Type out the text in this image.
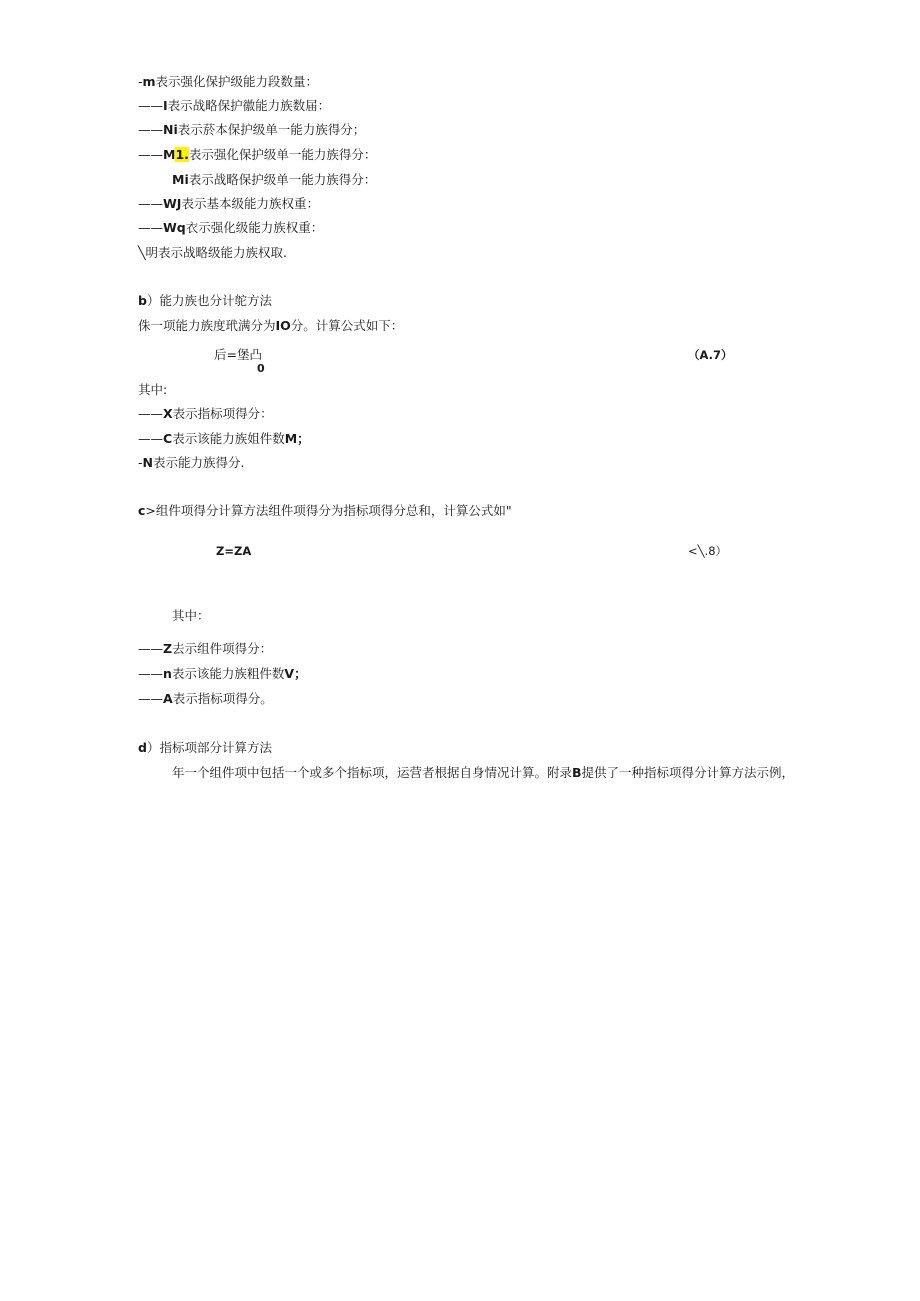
-m表示强化保护级能力段数量：
——I表示战略保护徽能力族数届：
——Ni表示菸本保护级单一能力族得分；
——M1.表示强化保护级单一能力族得分：
Mi表示战略保护级单一能力族得分：
——WJ表示基本级能力族权重：
——Wq衣示强化级能力族权重：
╲明表示战略级能力族权取.
b）能力族也分计鸵方法
侏一项能力族度玳满分为IO分。计算公式如下：
后=堡凸
0
（A.7）
其中:
——X表示指标项得分：
——C表示该能力族姐件数M；
-N表示能力族得分.
c>组件项得分计算方法组件项得分为指标项得分总和，计算公式如"
Z=ZA	<╲.8）
其中：
——Z去示组件项得分：
——n表示该能力族粗件数V；
——A表示指标项得分。
d）指标项部分计算方法
年一个组件项中包括一个或多个指标项，运营者根据自身情况计算。附录B提供了一种指标项得分计算方法示例，
